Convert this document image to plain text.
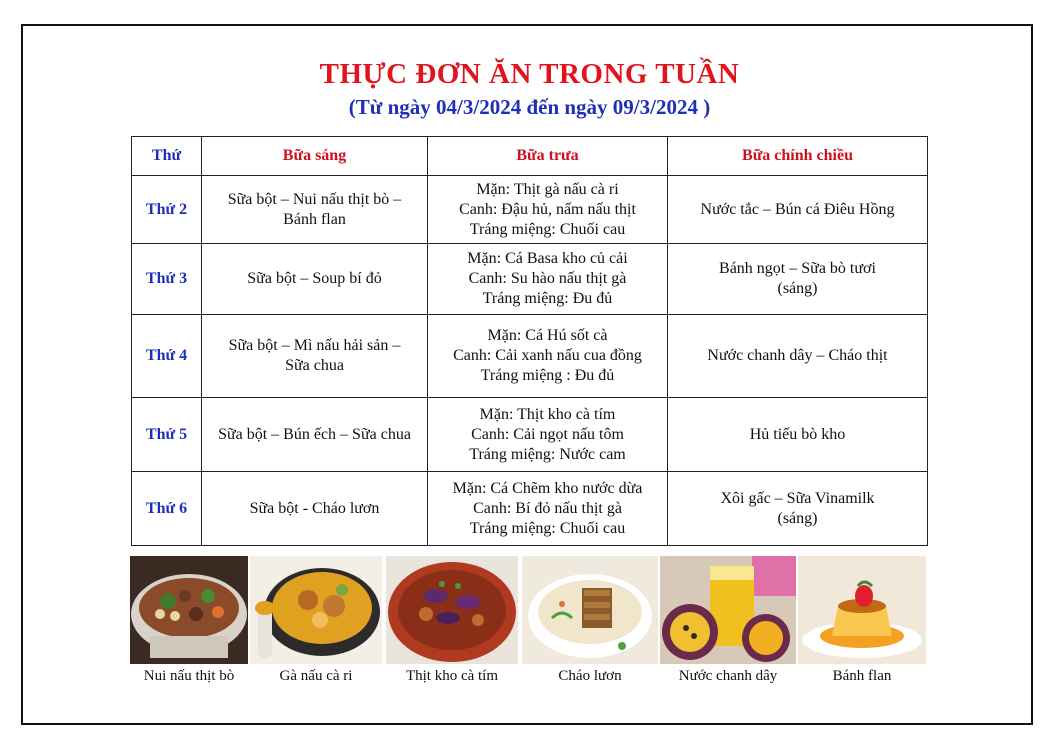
THỰC ĐƠN ĂN TRONG TUẦN
(Từ ngày 04/3/2024 đến ngày 09/3/2024 )
Thứ	Bữa sáng	Bữa trưa	Bữa chính chiều
Thứ 2	Sữa bột – Nui nấu thịt bò –
Bánh flan	Mặn: Thịt gà nấu cà ri
Canh: Đậu hủ, nấm nấu thịt
Tráng miệng: Chuối cau	Nước tắc – Bún cá Điêu Hồng

Thứ 3	Sữa bột – Soup bí đỏ	Mặn: Cá Basa kho củ cải
Canh: Su hào nấu thịt gà
Tráng miệng: Đu đủ	Bánh ngọt – Sữa bò tươi
(sáng)

Thứ 4	Sữa bột – Mì nấu hải sản –
Sữa chua	Mặn: Cá Hú sốt cà
Canh: Cải xanh nấu cua đồng
Tráng miệng : Đu đủ	Nước chanh dây – Cháo thịt

Thứ 5	Sữa bột – Bún ếch – Sữa chua	Mặn: Thịt kho cà tím
Canh: Cải ngọt nấu tôm
Tráng miệng: Nước cam	Hủ tiếu bò kho

Thứ 6	Sữa bột - Cháo lươn	Mặn: Cá Chẽm kho nước dừa
Canh: Bí đỏ nấu thịt gà
Tráng miệng: Chuối cau	Xôi gấc – Sữa Vinamilk
(sáng)
Nui nấu thịt bò	Gà nấu cà ri	Thịt kho cà tím	Cháo lươn	Nước chanh dây	Bánh flan
